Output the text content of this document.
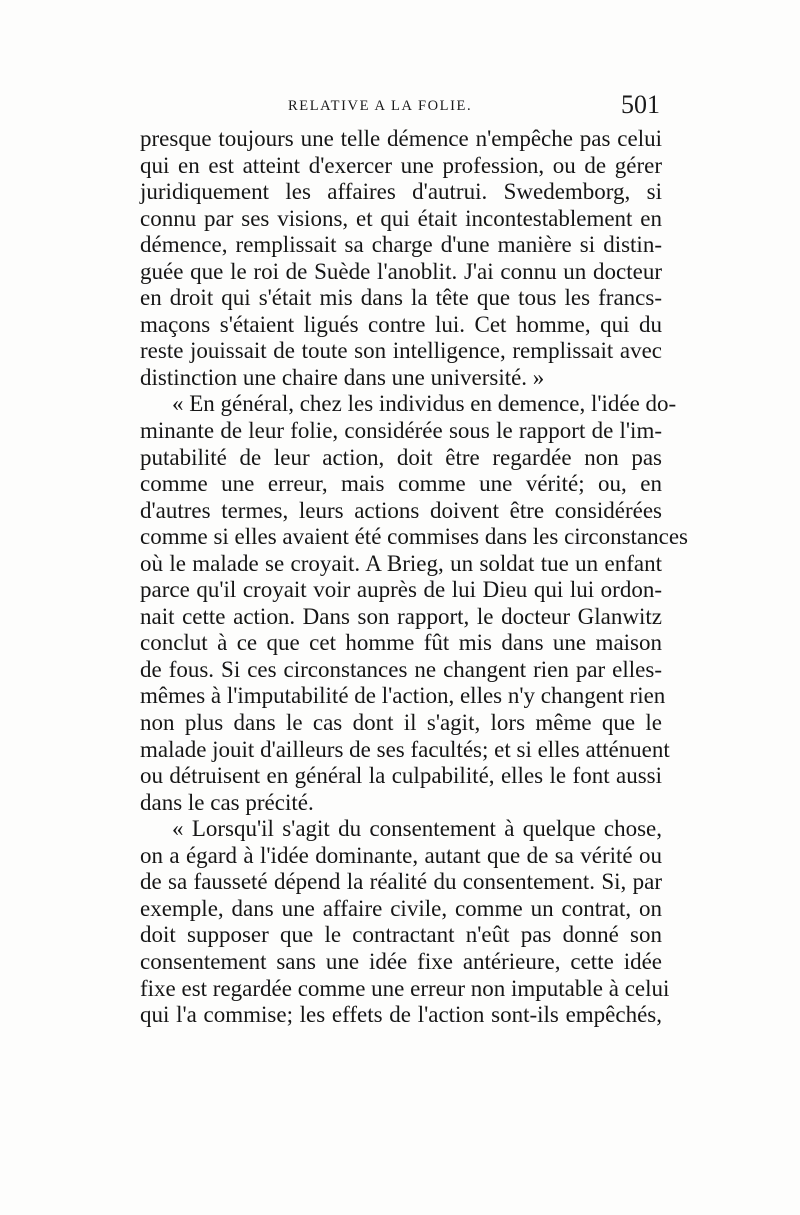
RELATIVE A LA FOLIE.	501
presque toujours une telle démence n'empêche pas celui
qui en est atteint d'exercer une profession, ou de gérer
juridiquement les affaires d'autrui. Swedemborg, si
connu par ses visions, et qui était incontestablement en
démence, remplissait sa charge d'une manière si distin-
guée que le roi de Suède l'anoblit. J'ai connu un docteur
en droit qui s'était mis dans la tête que tous les francs-
maçons s'étaient ligués contre lui. Cet homme, qui du
reste jouissait de toute son intelligence, remplissait avec
distinction une chaire dans une université. »
« En général, chez les individus en demence, l'idée do-
minante de leur folie, considérée sous le rapport de l'im-
putabilité de leur action, doit être regardée non pas
comme une erreur, mais comme une vérité; ou, en
d'autres termes, leurs actions doivent être considérées
comme si elles avaient été commises dans les circonstances
où le malade se croyait. A Brieg, un soldat tue un enfant
parce qu'il croyait voir auprès de lui Dieu qui lui ordon-
nait cette action. Dans son rapport, le docteur Glanwitz
conclut à ce que cet homme fût mis dans une maison
de fous. Si ces circonstances ne changent rien par elles-
mêmes à l'imputabilité de l'action, elles n'y changent rien
non plus dans le cas dont il s'agit, lors même que le
malade jouit d'ailleurs de ses facultés; et si elles atténuent
ou détruisent en général la culpabilité, elles le font aussi
dans le cas précité.
« Lorsqu'il s'agit du consentement à quelque chose,
on a égard à l'idée dominante, autant que de sa vérité ou
de sa fausseté dépend la réalité du consentement. Si, par
exemple, dans une affaire civile, comme un contrat, on
doit supposer que le contractant n'eût pas donné son
consentement sans une idée fixe antérieure, cette idée
fixe est regardée comme une erreur non imputable à celui
qui l'a commise; les effets de l'action sont-ils empêchés,
